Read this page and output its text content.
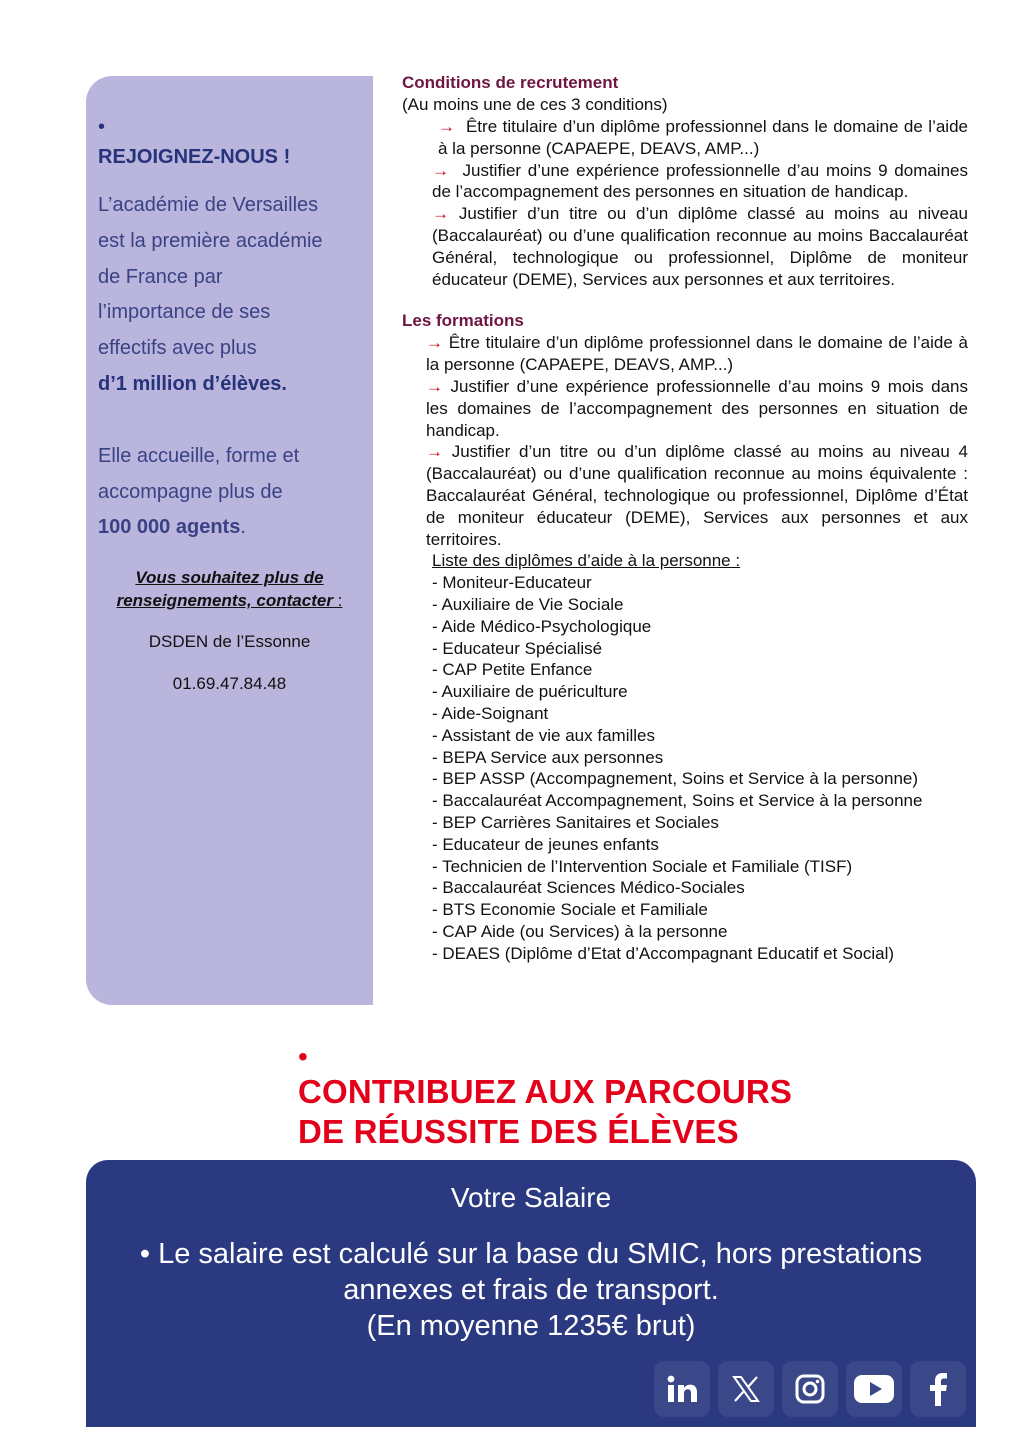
•
REJOIGNEZ-NOUS !
L’académie de Versailles
est la première académie
de France par
l’importance de ses
effectifs avec plus
d’1 million d’élèves.
Elle accueille, forme et
accompagne plus de
100 000 agents.
Vous souhaitez plus de
renseignements, contacter :
DSDEN de l’Essonne
01.69.47.84.48
Conditions de recrutement
(Au moins une de ces 3 conditions)
→ Être titulaire d’un diplôme professionnel dans le domaine de l’aide à la personne (CAPAEPE, DEAVS, AMP...)
→ Justifier d’une expérience professionnelle d’au moins 9 domaines de l’accompagnement des personnes en situation de handicap.
→ Justifier d’un titre ou d’un diplôme classé au moins au niveau (Baccalauréat) ou d’une qualification reconnue au moins Baccalauréat Général, technologique ou professionnel, Diplôme de moniteur éducateur (DEME), Services aux personnes et aux territoires.
Les formations
→ Être titulaire d’un diplôme professionnel dans le domaine de l’aide à la personne (CAPAEPE, DEAVS, AMP...)
→ Justifier d’une expérience professionnelle d’au moins 9 mois dans les domaines de l’accompagnement des personnes en situation de handicap.
→ Justifier d’un titre ou d’un diplôme classé au moins au niveau 4 (Baccalauréat) ou d’une qualification reconnue au moins équivalente : Baccalauréat Général, technologique ou professionnel, Diplôme d’État de moniteur éducateur (DEME), Services aux personnes et aux territoires.
Liste des diplômes d’aide à la personne :
- Moniteur-Educateur
- Auxiliaire de Vie Sociale
- Aide Médico-Psychologique
- Educateur Spécialisé
- CAP Petite Enfance
- Auxiliaire de puériculture
- Aide-Soignant
- Assistant de vie aux familles
- BEPA Service aux personnes
- BEP ASSP (Accompagnement, Soins et Service à la personne)
- Baccalauréat Accompagnement, Soins et Service à la personne
- BEP Carrières Sanitaires et Sociales
- Educateur de jeunes enfants
- Technicien de l’Intervention Sociale et Familiale (TISF)
- Baccalauréat Sciences Médico-Sociales
- BTS Economie Sociale et Familiale
- CAP Aide (ou Services) à la personne
- DEAES (Diplôme d’Etat d’Accompagnant Educatif et Social)
•
CONTRIBUEZ AUX PARCOURS
DE RÉUSSITE DES ÉLÈVES
Votre Salaire
• Le salaire est calculé sur la base du SMIC, hors prestations
annexes et frais de transport.
(En moyenne 1235€ brut)
